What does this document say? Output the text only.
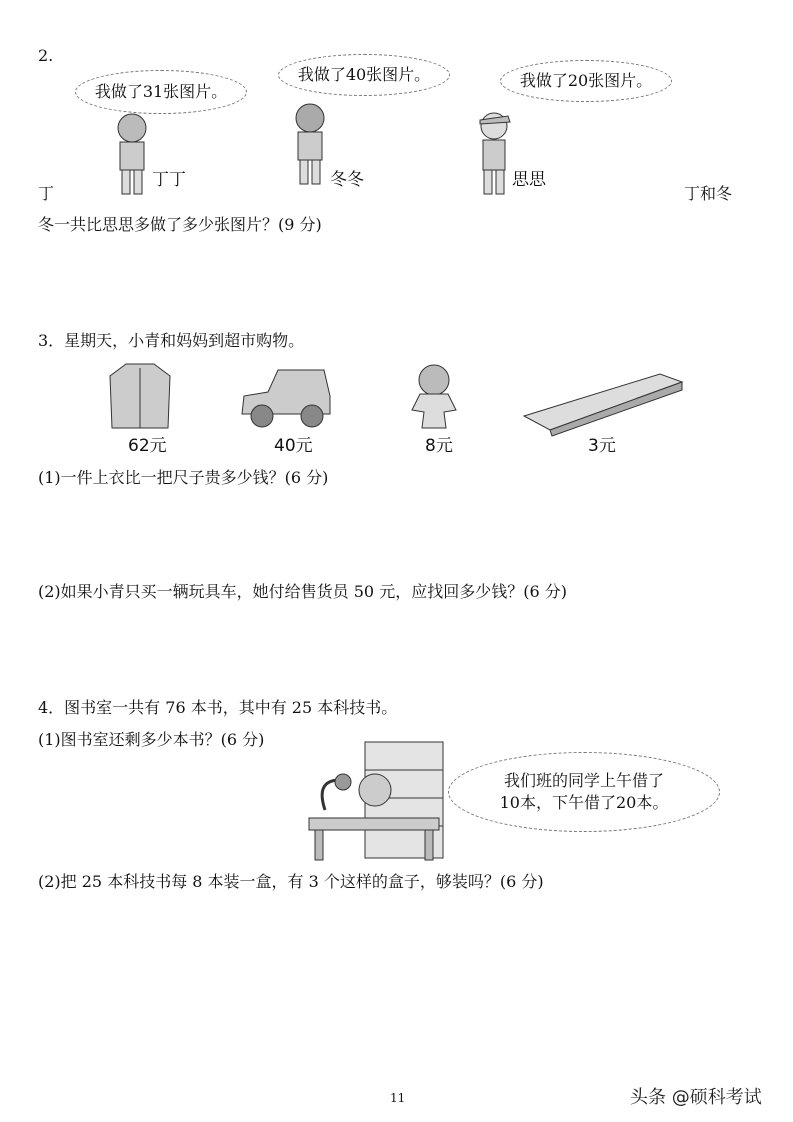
2.
我做了31张图片。
我做了40张图片。	我做了20张图片。
丁丁	冬冬	思思
丁	丁和冬
冬一共比思思多做了多少张图片？(9 分)
3．星期天，小青和妈妈到超市购物。
62元	40元	8元	3元
(1)一件上衣比一把尺子贵多少钱？(6 分)
(2)如果小青只买一辆玩具车，她付给售货员 50 元，应找回多少钱？(6 分)
4．图书室一共有 76 本书，其中有 25 本科技书。
(1)图书室还剩多少本书？(6 分)
我们班的同学上午借了
10本，下午借了20本。
(2)把 25 本科技书每 8 本装一盒，有 3 个这样的盒子，够装吗？(6 分)
11	头条 @硕科考试
